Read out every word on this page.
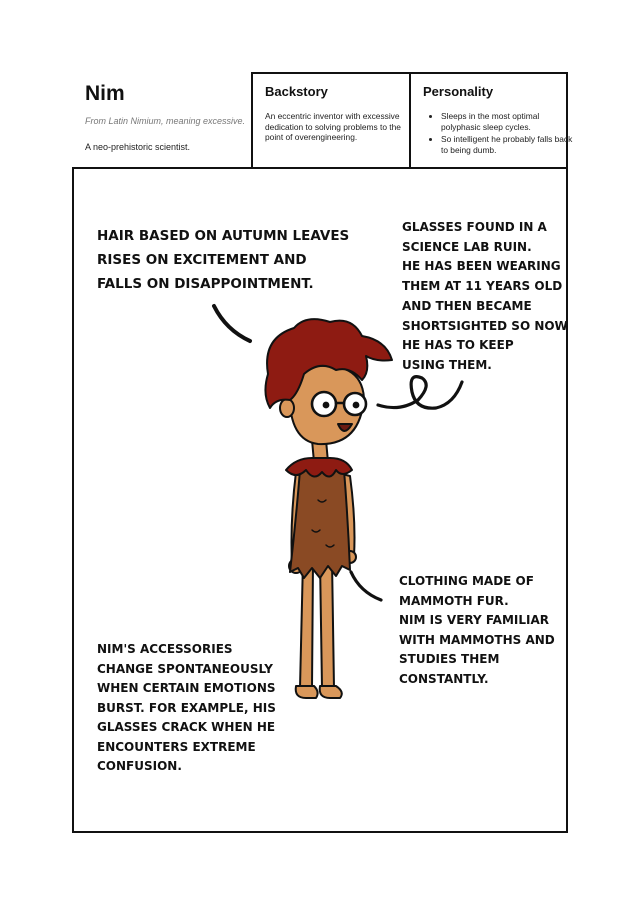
Nim
From Latin Nimium, meaning excessive.
A neo-prehistoric scientist.
Backstory
An eccentric inventor with excessive dedication to solving problems to the point of overengineering.
Personality
• Sleeps in the most optimal polyphasic sleep cycles.
• So intelligent he probably falls back to being dumb.
HAIR BASED ON AUTUMN LEAVES
RISES ON EXCITEMENT AND
FALLS ON DISAPPOINTMENT.
GLASSES FOUND IN A
SCIENCE LAB RUIN.
HE HAS BEEN WEARING
THEM AT 11 YEARS OLD
AND THEN BECAME
SHORTSIGHTED SO NOW
HE HAS TO KEEP
USING THEM.
CLOTHING MADE OF
MAMMOTH FUR.
NIM IS VERY FAMILIAR
WITH MAMMOTHS AND
STUDIES THEM
CONSTANTLY.
NIM'S ACCESSORIES
CHANGE SPONTANEOUSLY
WHEN CERTAIN EMOTIONS
BURST. FOR EXAMPLE, HIS
GLASSES CRACK WHEN HE
ENCOUNTERS EXTREME
CONFUSION.
